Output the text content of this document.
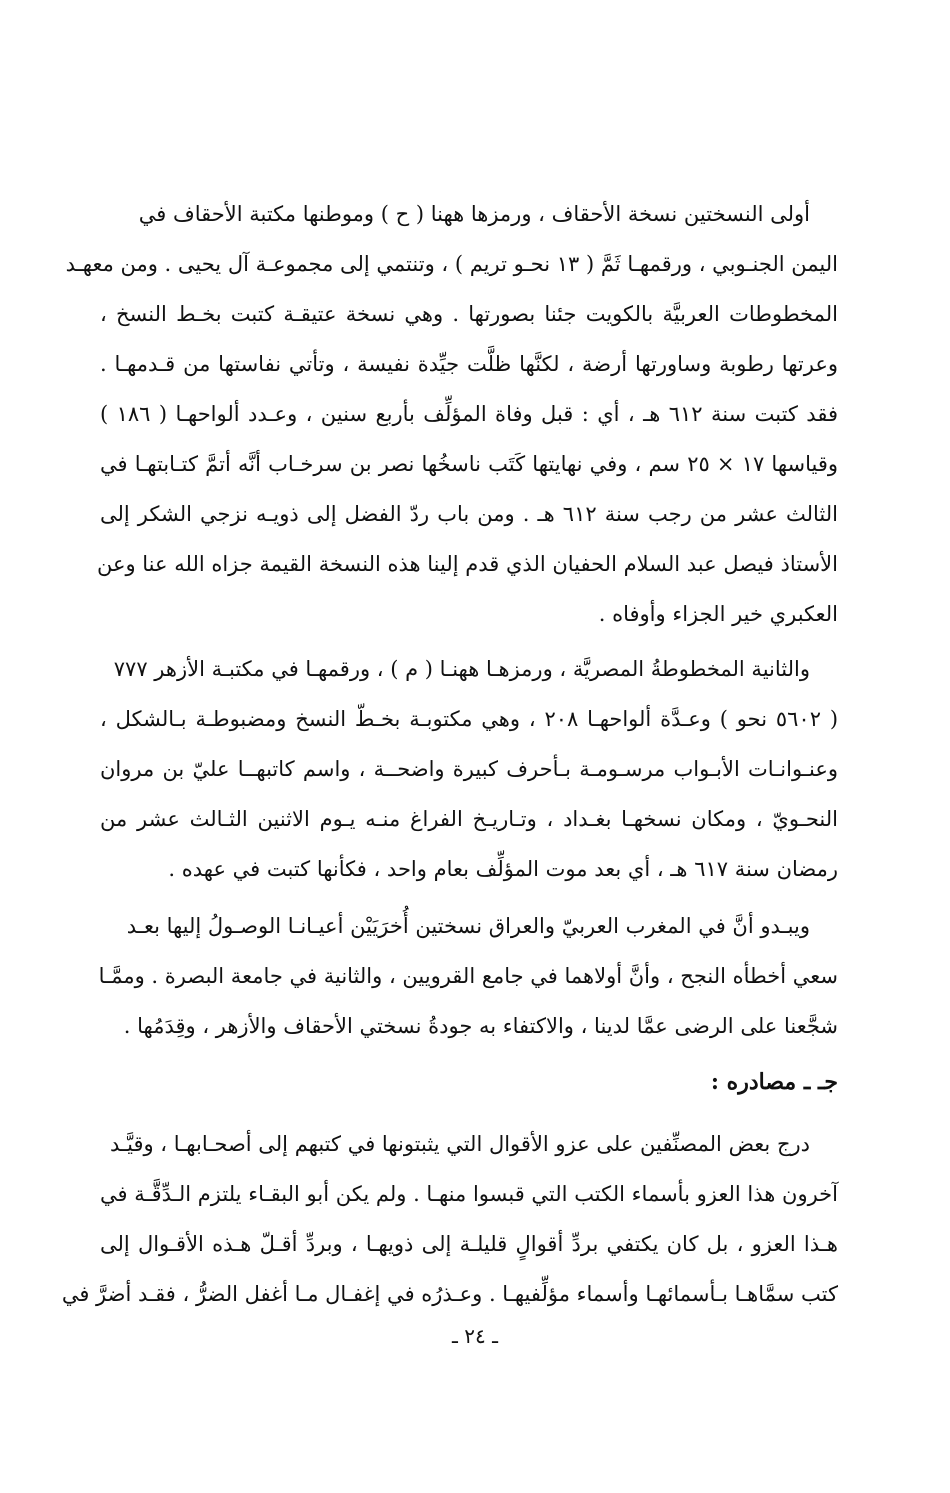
أولى النسختين نسخة الأحقاف ، ورمزها ههنا ( ح ) وموطنها مكتبة الأحقاف في
اليمن الجنـوبي ، ورقمهـا ثَمَّ ( ١٣ نحـو تريم ) ، وتنتمي إلى مجموعـة آل يحيى . ومن معهـد
المخطوطات العربيَّة بالكويت جئنا بصورتها . وهي نسخة عتيقـة كتبت بخـط النسخ ،
وعرتها رطوبة وساورتها أرضة ، لكنَّها ظلَّت جيِّدة نفيسة ، وتأتي نفاستها من قـدمهـا .
فقد كتبت سنة ٦١٢ هـ ، أي : قبل وفاة المؤلِّف بأربع سنين ، وعـدد ألواحهـا ( ١٨٦ )
وقياسها ١٧ × ٢٥ سم ، وفي نهايتها كَتَب ناسخُها نصر بن سرخـاب أنَّه أتمَّ كتـابتهـا في
الثالث عشر من رجب سنة ٦١٢ هـ . ومن باب ردّ الفضل إلى ذويـه نزجي الشكر إلى
الأستاذ فيصل عبد السلام الحفيان الذي قدم إلينا هذه النسخة القيمة جزاه الله عنا وعن
العكبري خير الجزاء وأوفاه .
والثانية المخطوطةُ المصريَّة ، ورمزهـا ههنـا ( م ) ، ورقمهـا في مكتبـة الأزهر ٧٧٧
( ٥٦٠٢ نحو ) وعـدَّة ألواحهـا ٢٠٨ ، وهي مكتوبـة بخـطّ النسخ ومضبوطـة بـالشكل ،
وعنـوانـات الأبـواب مرسـومـة بـأحرف كبيرة واضحــة ، واسم كاتبهــا عليّ بن مروان
النحـويّ ، ومكان نسخهـا بغـداد ، وتـاريـخ الفراغ منـه يـوم الاثنين الثـالث عشر من
رمضان سنة ٦١٧ هـ ، أي بعد موت المؤلِّف بعام واحد ، فكأنها كتبت في عهده .
ويبـدو أنَّ في المغرب العربيّ والعراق نسختين أُخرَيَيْن أعيـانـا الوصـولُ إليها بعـد
سعي أخطأه النجح ، وأنَّ أولاهما في جامع القرويين ، والثانية في جامعة البصرة . وممَّـا
شجَّعنا على الرضى عمَّا لدينا ، والاكتفاء به جودةُ نسختي الأحقاف والأزهر ، وقِدَمُها .
جـ ـ مصادره :
درج بعض المصنِّفين على عزو الأقوال التي يثبتونها في كتبهم إلى أصحـابهـا ، وقيَّـد
آخرون هذا العزو بأسماء الكتب التي قبسوا منهـا . ولم يكن أبو البقـاء يلتزم الـدِّقَّـة في
هـذا العزو ، بل كان يكتفي بردِّ أقوالٍ قليلـة إلى ذويهـا ، وبردِّ أقـلّ هـذه الأقـوال إلى
كتب سمَّاهـا بـأسمائهـا وأسماء مؤلِّفيهـا . وعـذرُه في إغفـال مـا أغفل الضرُّ ، فقـد أضرَّ في
ـ ٢٤ ـ
